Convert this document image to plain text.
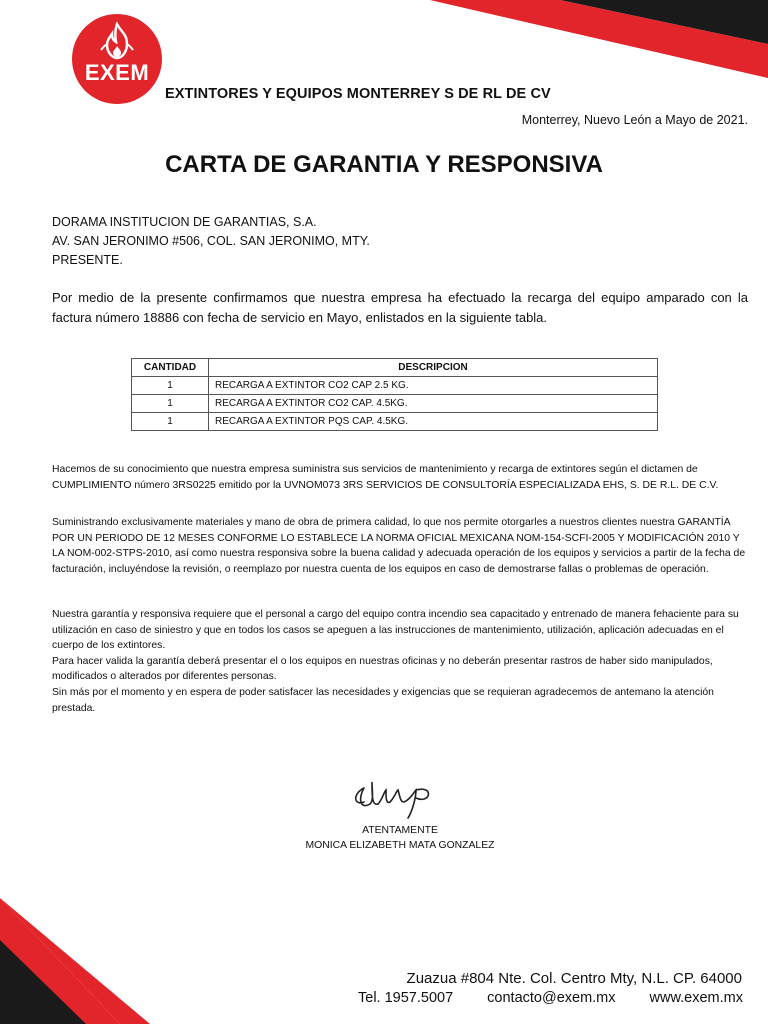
EXEM
EXTINTORES Y EQUIPOS MONTERREY S DE RL DE CV
Monterrey, Nuevo León a Mayo de 2021.
CARTA DE GARANTIA Y RESPONSIVA
DORAMA INSTITUCION DE GARANTIAS, S.A.
AV. SAN JERONIMO #506, COL. SAN JERONIMO, MTY.
PRESENTE.
Por medio de la presente confirmamos que nuestra empresa ha efectuado la recarga del equipo amparado con la factura número 18886 con fecha de servicio en Mayo, enlistados en la siguiente tabla.
CANTIDAD	DESCRIPCION
1	RECARGA A EXTINTOR CO2 CAP 2.5 KG.
1	RECARGA A EXTINTOR CO2 CAP. 4.5KG.
1	RECARGA A EXTINTOR PQS CAP. 4.5KG.

Hacemos de su conocimiento que nuestra empresa suministra sus servicios de mantenimiento y recarga de extintores según el dictamen de CUMPLIMIENTO número 3RS0225 emitido por la UVNOM073 3RS SERVICIOS DE CONSULTORÍA ESPECIALIZADA EHS, S. DE R.L. DE C.V.

Suministrando exclusivamente materiales y mano de obra de primera calidad, lo que nos permite otorgarles a nuestros clientes nuestra GARANTÍA POR UN PERIODO DE 12 MESES CONFORME LO ESTABLECE LA NORMA OFICIAL MEXICANA NOM-154-SCFI-2005 Y MODIFICACIÓN 2010 Y LA NOM-002-STPS-2010, así como nuestra responsiva sobre la buena calidad y adecuada operación de los equipos y servicios a partir de la fecha de facturación, incluyéndose la revisión, o reemplazo por nuestra cuenta de los equipos en caso de demostrarse fallas o problemas de operación.

Nuestra garantía y responsiva requiere que el personal a cargo del equipo contra incendio sea capacitado y entrenado de manera fehaciente para su utilización en caso de siniestro y que en todos los casos se apeguen a las instrucciones de mantenimiento, utilización, aplicación adecuadas en el cuerpo de los extintores.

Para hacer valida la garantía deberá presentar el o los equipos en nuestras oficinas y no deberán presentar rastros de haber sido manipulados, modificados o alterados por diferentes personas.

Sin más por el momento y en espera de poder satisfacer las necesidades y exigencias que se requieran agradecemos de antemano la atención prestada.

ATENTAMENTE
MONICA ELIZABETH MATA GONZALEZ
Zuazua #804 Nte. Col. Centro Mty, N.L. CP. 64000
Tel. 1957.5007 contacto@exem.mx www.exem.mx
